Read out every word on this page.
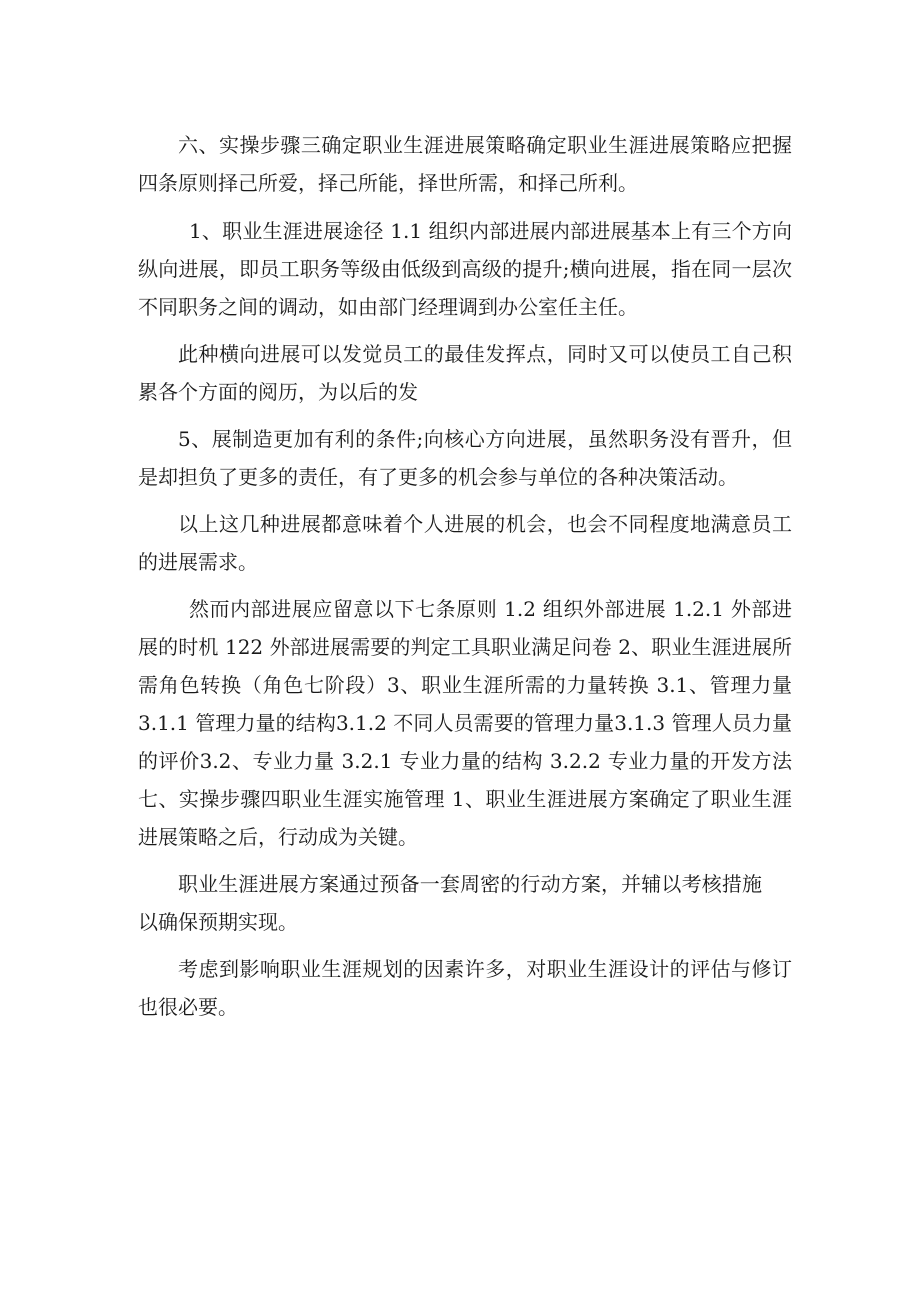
六、实操步骤三确定职业生涯进展策略确定职业生涯进展策略应把握四条原则择己所爱，择己所能，择世所需，和择己所利。

1、职业生涯进展途径 1.1 组织内部进展内部进展基本上有三个方向纵向进展，即员工职务等级由低级到高级的提升;横向进展，指在同一层次不同职务之间的调动，如由部门经理调到办公室任主任。

此种横向进展可以发觉员工的最佳发挥点，同时又可以使员工自己积累各个方面的阅历，为以后的发

5、展制造更加有利的条件;向核心方向进展，虽然职务没有晋升，但是却担负了更多的责任，有了更多的机会参与单位的各种决策活动。

以上这几种进展都意味着个人进展的机会，也会不同程度地满意员工的进展需求。

然而内部进展应留意以下七条原则 1.2 组织外部进展 1.2.1 外部进展的时机 122 外部进展需要的判定工具职业满足问卷 2、职业生涯进展所需角色转换（角色七阶段）3、职业生涯所需的力量转换 3.1、管理力量 3.1.1 管理力量的结构3.1.2 不同人员需要的管理力量3.1.3 管理人员力量的评价3.2、专业力量 3.2.1 专业力量的结构 3.2.2 专业力量的开发方法七、实操步骤四职业生涯实施管理 1、职业生涯进展方案确定了职业生涯进展策略之后，行动成为关键。

职业生涯进展方案通过预备一套周密的行动方案，并辅以考核措施以确保预期实现。

考虑到影响职业生涯规划的因素许多，对职业生涯设计的评估与修订也很必要。
